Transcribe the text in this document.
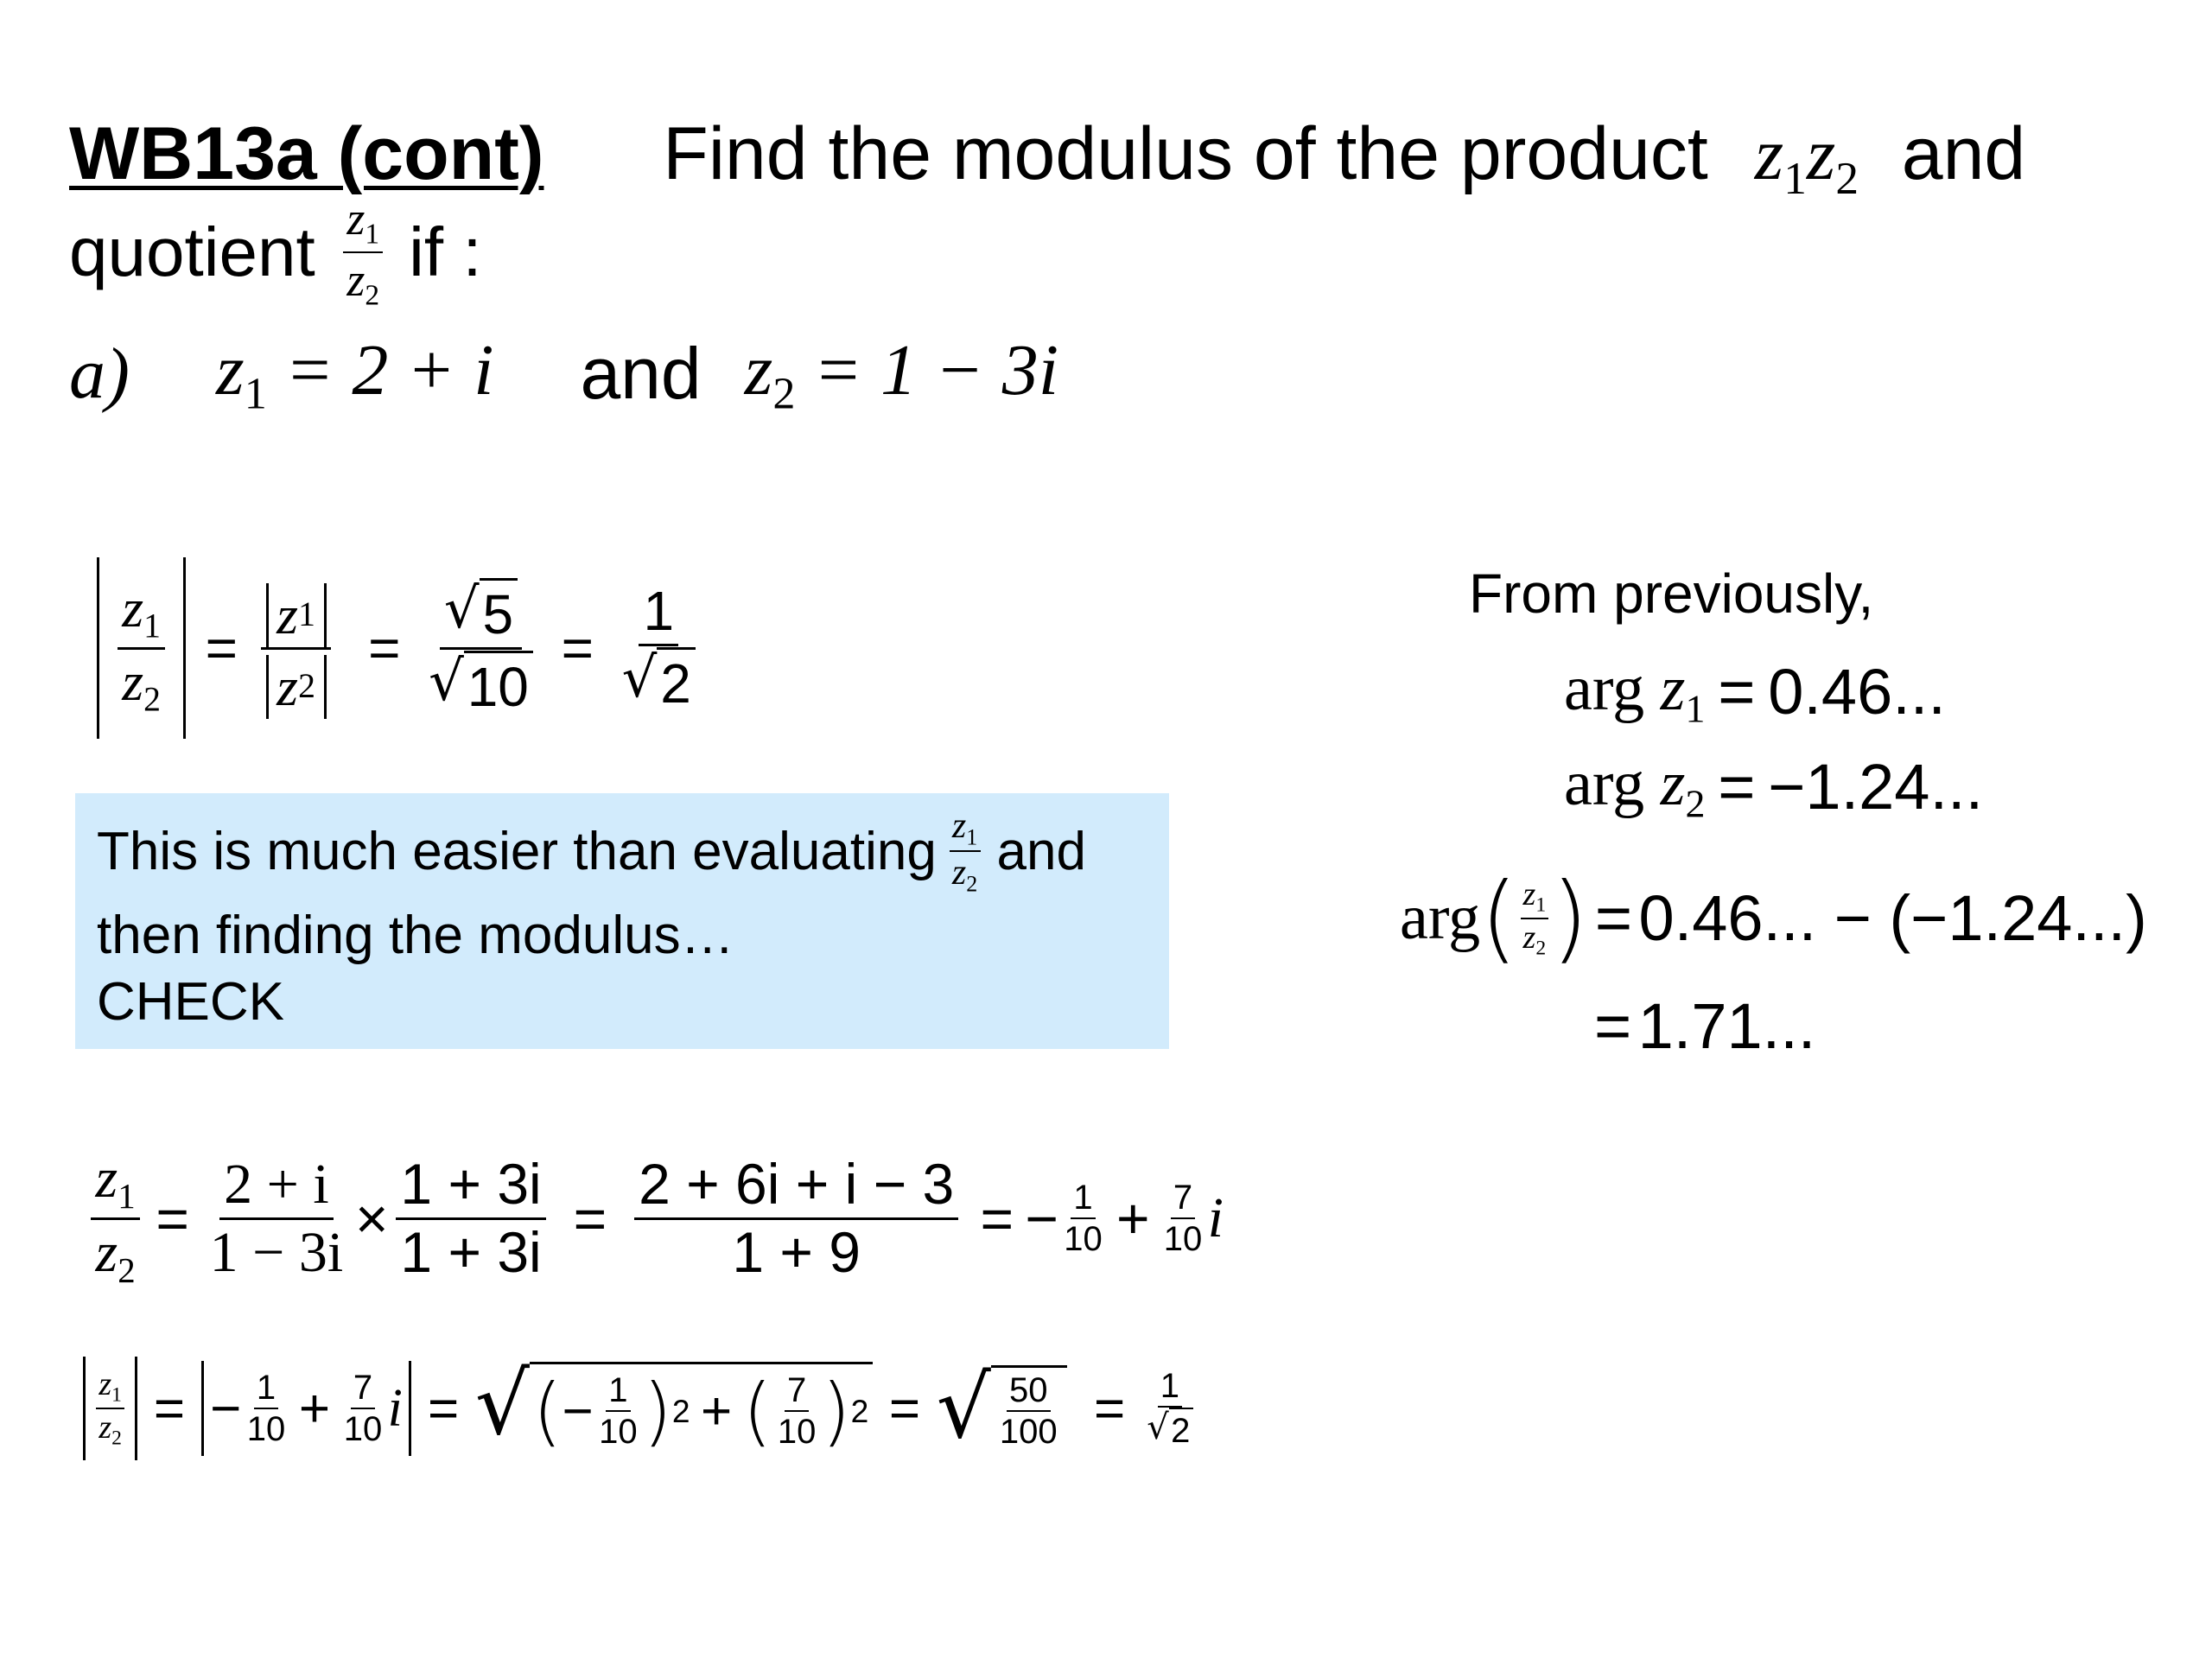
WB13a (cont) Find the modulus of the product $z_1z_2$ and
quotient $\frac{z_1}{z_2}$ if :
a) $z_1 = 2 + i$ and $z_2 = 1 - 3i$
$\frac{z_1}{z_2} = \frac{z 1}{z 2} = \frac{√ 5}{√ 10} = \frac{1}{√ 2}$
This is much easier than evaluating $\frac{z_1}{z_2}$ and
then finding the modulus…
CHECK
From previously,
arg $z_1 = 0.46$...
arg $z_2 = -1.24$...
arg ( $\frac{z_1}{z_2}$ ) = 0.46... − (−1.24...)
= 1.71...
$\frac{z_1}{z_2} = \frac{2 + i}{1 - 3i} \times \frac{1 + 3i}{1 + 3i} = \frac{2 + 6i + i - 3}{1 + 9}$ = − $\frac{1}{10} + \frac{7}{10}$ i
$\frac{z_1}{z_2}$ = − $\frac{1}{10} + \frac{7}{10}$ i = √ ( − $\frac{1}{10}$ ) 2 + ( $\frac{7}{10}$ ) 2 = √ $\frac{50}{100} = \frac{1}{√ 2}$
